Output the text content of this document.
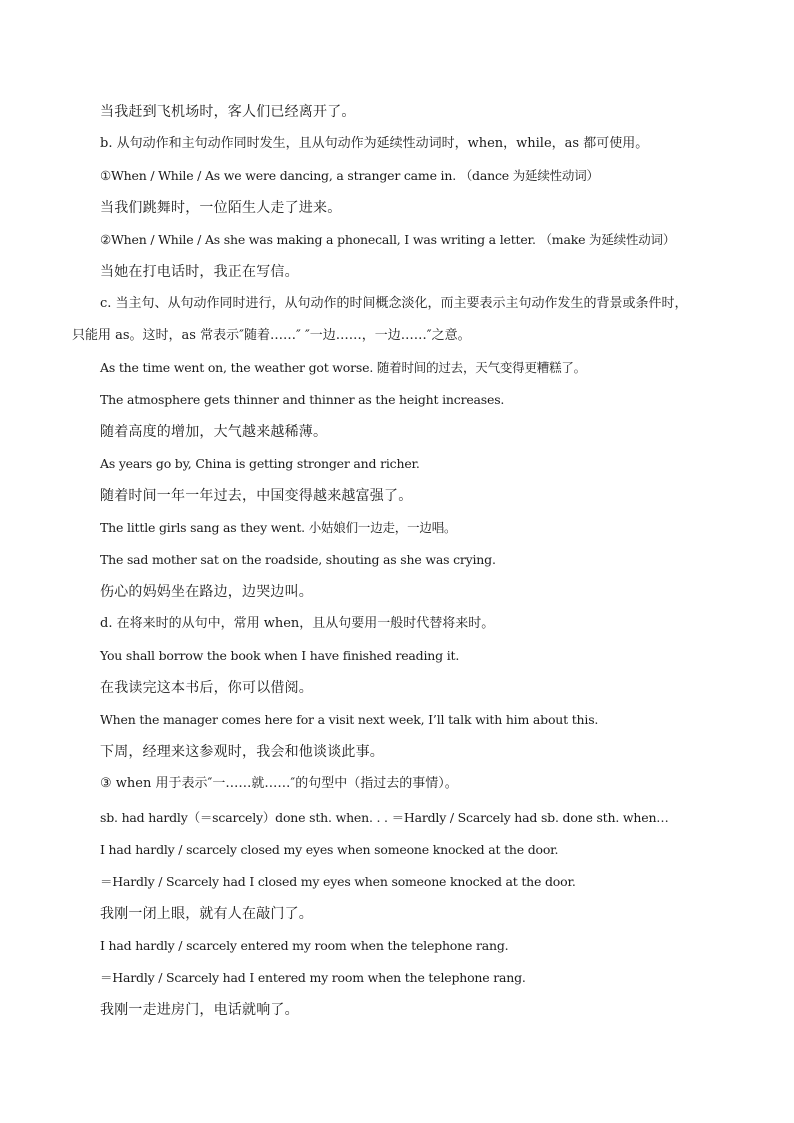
当我赶到飞机场时，客人们已经离开了。
b. 从句动作和主句动作同时发生，且从句动作为延续性动词时，when，while，as 都可使用。
①When / While / As we were dancing, a stranger came in. （dance 为延续性动词）
当我们跳舞时，一位陌生人走了进来。
②When / While / As she was making a phonecall, I was writing a letter. （make 为延续性动词）
当她在打电话时，我正在写信。
c. 当主句、从句动作同时进行，从句动作的时间概念淡化，而主要表示主句动作发生的背景或条件时，
只能用 as。这时，as 常表示″随着……″ ″一边……，一边……″之意。
As the time went on, the weather got worse. 随着时间的过去，天气变得更糟糕了。
The atmosphere gets thinner and thinner as the height increases.
随着高度的增加，大气越来越稀薄。
As years go by, China is getting stronger and richer.
随着时间一年一年过去，中国变得越来越富强了。
The little girls sang as they went. 小姑娘们一边走，一边唱。
The sad mother sat on the roadside, shouting as she was crying.
伤心的妈妈坐在路边，边哭边叫。
d. 在将来时的从句中，常用 when，且从句要用一般时代替将来时。
You shall borrow the book when I have finished reading it.
在我读完这本书后，你可以借阅。
When the manager comes here for a visit next week, I’ll talk with him about this.
下周，经理来这参观时，我会和他谈谈此事。
③ when 用于表示″一……就……″的句型中（指过去的事情）。
sb. had hardly（＝scarcely）done sth. when. . . ＝Hardly / Scarcely had sb. done sth. when…
I had hardly / scarcely closed my eyes when someone knocked at the door.
＝Hardly / Scarcely had I closed my eyes when someone knocked at the door.
我刚一闭上眼，就有人在敲门了。
I had hardly / scarcely entered my room when the telephone rang.
＝Hardly / Scarcely had I entered my room when the telephone rang.
我刚一走进房门，电话就响了。
